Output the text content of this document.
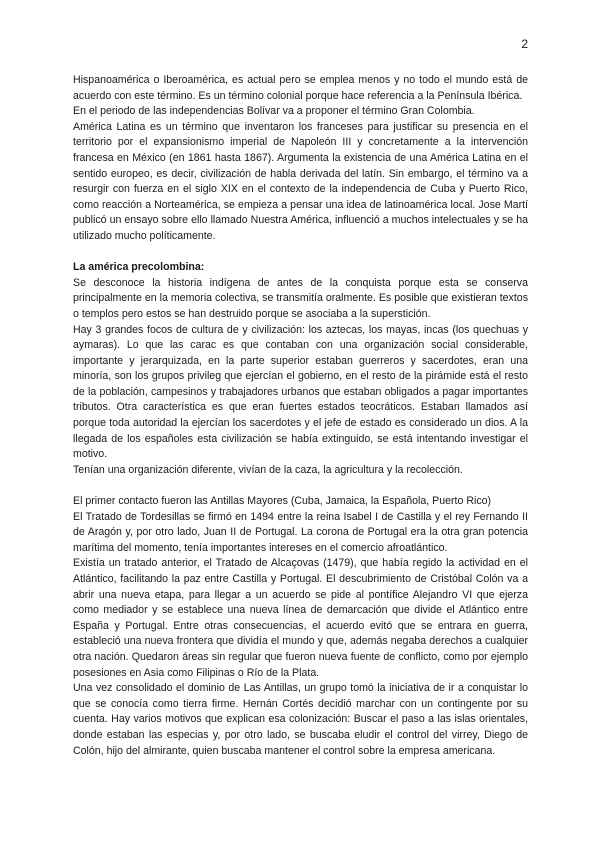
2

Hispanoamérica o Iberoamérica, es actual pero se emplea menos y no todo el mundo está de acuerdo con este término. Es un término colonial porque hace referencia a la Península Ibérica.

En el periodo de las independencias Bolívar va a proponer el término Gran Colombia.

América Latina es un término que inventaron los franceses para justificar su presencia en el territorio por el expansionismo imperial de Napoleón III y concretamente a la intervención francesa en México (en 1861 hasta 1867). Argumenta la existencia de una América Latina en el sentido europeo, es decir, civilización de habla derivada del latín. Sin embargo, el término va a resurgir con fuerza en el siglo XIX en el contexto de la independencia de Cuba y Puerto Rico, como reacción a Norteamérica, se empieza a pensar una idea de latinoamérica local. Jose Martí publicó un ensayo sobre ello llamado Nuestra América, influenció a muchos intelectuales y se ha utilizado mucho políticamente.

La américa precolombina:

Se desconoce la historia indígena de antes de la conquista porque esta se conserva principalmente en la memoria colectiva, se transmitía oralmente. Es posible que existieran textos o templos pero estos se han destruido porque se asociaba a la superstición.

Hay 3 grandes focos de cultura de y civilización: los aztecas, los mayas, incas (los quechuas y aymaras). Lo que las carac es que contaban con una organización social considerable, importante y jerarquizada, en la parte superior estaban guerreros y sacerdotes, eran una minoría, son los grupos privileg que ejercían el gobierno, en el resto de la pirámide está el resto de la población, campesinos y trabajadores urbanos que estaban obligados a pagar importantes tributos. Otra característica es que eran fuertes estados teocráticos. Estaban llamados así porque toda autoridad la ejercían los sacerdotes y el jefe de estado es considerado un dios. A la llegada de los españoles esta civilización se había extinguido, se está intentando investigar el motivo.

Tenían una organización diferente, vivían de la caza, la agricultura y la recolección.

El primer contacto fueron las Antillas Mayores (Cuba, Jamaica, la Española, Puerto Rico)

El Tratado de Tordesillas se firmó en 1494 entre la reina Isabel I de Castilla y el rey Fernando II de Aragón y, por otro lado, Juan II de Portugal. La corona de Portugal era la otra gran potencia marítima del momento, tenía importantes intereses en el comercio afroatlántico.

Existía un tratado anterior, el Tratado de Alcaçovas (1479), que había regido la actividad en el Atlántico, facilitando la paz entre Castilla y Portugal. El descubrimiento de Cristóbal Colón va a abrir una nueva etapa, para llegar a un acuerdo se pide al pontífice Alejandro VI que ejerza como mediador y se establece una nueva línea de demarcación que divide el Atlántico entre España y Portugal. Entre otras consecuencias, el acuerdo evitó que se entrara en guerra, estableció una nueva frontera que dividía el mundo y que, además negaba derechos a cualquier otra nación. Quedaron áreas sin regular que fueron nueva fuente de conflicto, como por ejemplo posesiones en Asia como Filipinas o Río de la Plata.

Una vez consolidado el dominio de Las Antillas, un grupo tomó la iniciativa de ir a conquistar lo que se conocía como tierra firme. Hernán Cortés decidió marchar con un contingente por su cuenta. Hay varios motivos que explican esa colonización: Buscar el paso a las islas orientales, donde estaban las especias y, por otro lado, se buscaba eludir el control del virrey, Diego de Colón, hijo del almirante, quien buscaba mantener el control sobre la empresa americana.
